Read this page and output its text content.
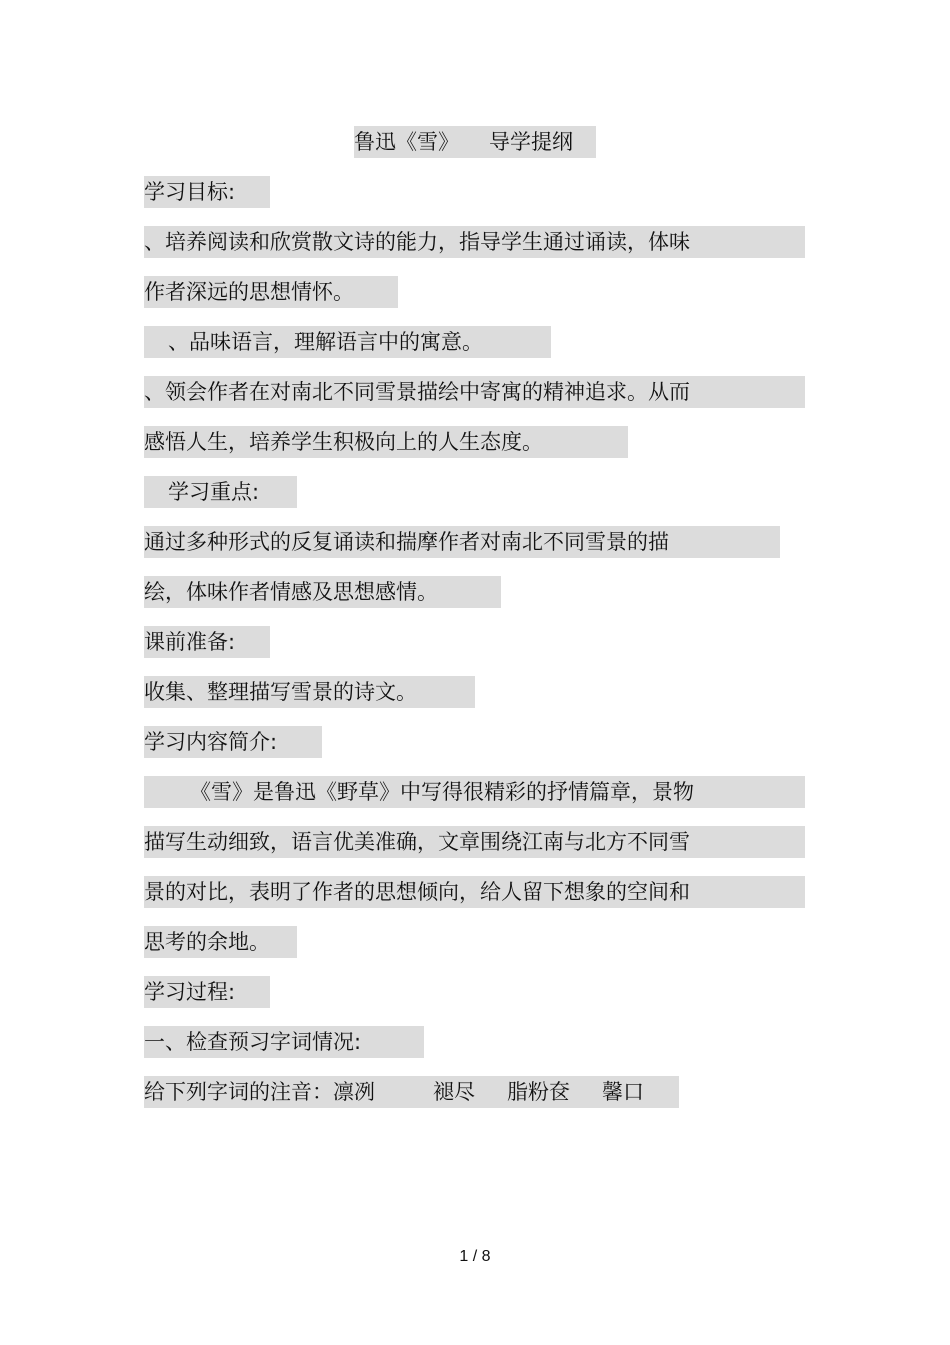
鲁迅《雪》 导学提纲
学习目标:
、培养阅读和欣赏散文诗的能力，指导学生通过诵读，体味
作者深远的思想情怀。
、品味语言，理解语言中的寓意。
、领会作者在对南北不同雪景描绘中寄寓的精神追求。从而
感悟人生，培养学生积极向上的人生态度。
学习重点:
通过多种形式的反复诵读和揣摩作者对南北不同雪景的描
绘，体味作者情感及思想感情。
课前准备:
收集、整理描写雪景的诗文。
学习内容简介:
《雪》是鲁迅《野草》中写得很精彩的抒情篇章，景物
描写生动细致，语言优美准确，文章围绕江南与北方不同雪
景的对比，表明了作者的思想倾向，给人留下想象的空间和
思考的余地。
学习过程:
一、检查预习字词情况:
给下列字词的注音：凛冽	褪尽 脂粉奁 馨口
1 / 8
